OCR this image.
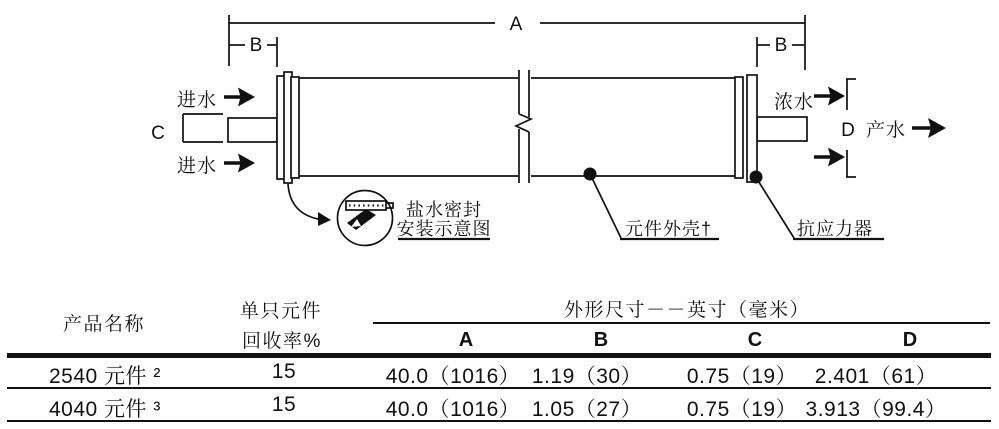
A
B	B
C	D
进水
进水
浓水
产水
盐水密封
安装示意图	元件外壳†	抗应力器
产品名称
单只元件
回收率%
外形尺寸－－英寸（毫米）
A	B	C	D
2540 元件 ²	15	40.0（1016） 1.19（30） 0.75（19） 2.401（61）
4040 元件 ³	15	40.0（1016） 1.05（27） 0.75（19） 3.913（99.4）
